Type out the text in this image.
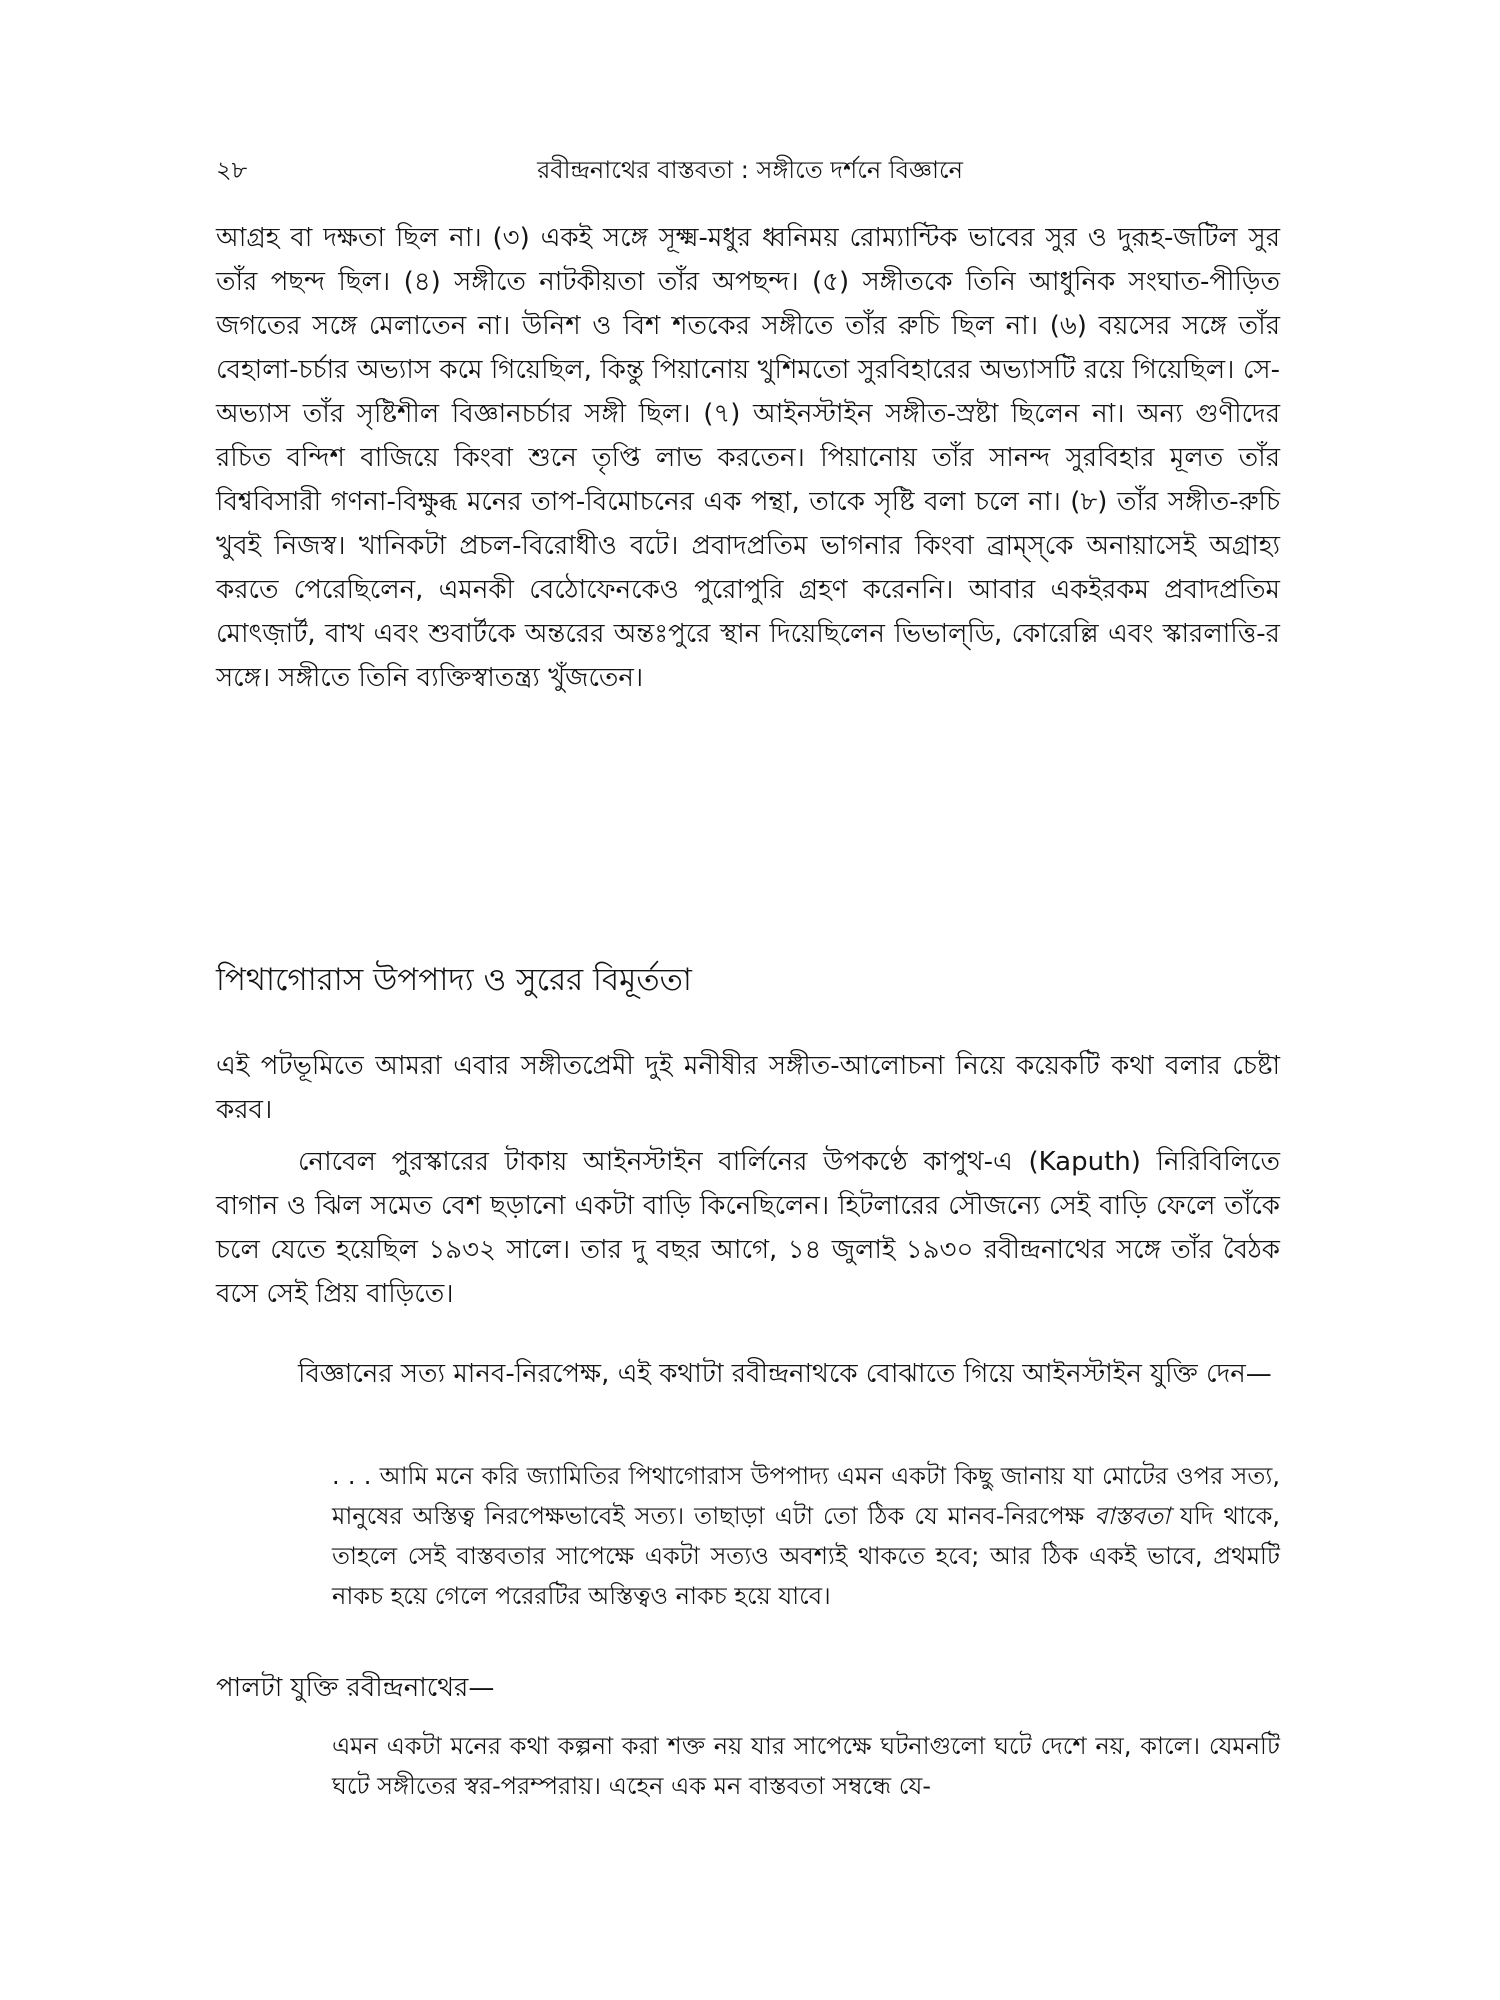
২৮	রবীন্দ্রনাথের বাস্তবতা : সঙ্গীতে দর্শনে বিজ্ঞানে

আগ্রহ বা দক্ষতা ছিল না। (৩) একই সঙ্গে সূক্ষ্ম-মধুর ধ্বনিময় রোম্যান্টিক ভাবের সুর ও দুরূহ-জটিল সুর তাঁর পছন্দ ছিল। (৪) সঙ্গীতে নাটকীয়তা তাঁর অপছন্দ। (৫) সঙ্গীতকে তিনি আধুনিক সংঘাত-পীড়িত জগতের সঙ্গে মেলাতেন না। উনিশ ও বিশ শতকের সঙ্গীতে তাঁর রুচি ছিল না। (৬) বয়সের সঙ্গে তাঁর বেহালা-চর্চার অভ্যাস কমে গিয়েছিল, কিন্তু পিয়ানোয় খুশিমতো সুরবিহারের অভ্যাসটি রয়ে গিয়েছিল। সে-অভ্যাস তাঁর সৃষ্টিশীল বিজ্ঞানচর্চার সঙ্গী ছিল। (৭) আইনস্টাইন সঙ্গীত-স্রষ্টা ছিলেন না। অন্য গুণীদের রচিত বন্দিশ বাজিয়ে কিংবা শুনে তৃপ্তি লাভ করতেন। পিয়ানোয় তাঁর সানন্দ সুরবিহার মূলত তাঁর বিশ্ববিসারী গণনা-বিক্ষুব্ধ মনের তাপ-বিমোচনের এক পন্থা, তাকে সৃষ্টি বলা চলে না। (৮) তাঁর সঙ্গীত-রুচি খুবই নিজস্ব। খানিকটা প্রচল-বিরোধীও বটে। প্রবাদপ্রতিম ভাগনার কিংবা ব্রাম্‌স্‌কে অনায়াসেই অগ্রাহ্য করতে পেরেছিলেন, এমনকী বেঠোফেনকেও পুরোপুরি গ্রহণ করেননি। আবার একইরকম প্রবাদপ্রতিম মোৎজ়ার্ট, বাখ এবং শুবার্টকে অন্তরের অন্তঃপুরে স্থান দিয়েছিলেন ভিভাল্‌ডি, কোরেল্লি এবং স্কারলাত্তি-র সঙ্গে। সঙ্গীতে তিনি ব্যক্তিস্বাতন্ত্র্য খুঁজতেন।

পিথাগোরাস উপপাদ্য ও সুরের বিমূর্ততা

এই পটভূমিতে আমরা এবার সঙ্গীতপ্রেমী দুই মনীষীর সঙ্গীত-আলোচনা নিয়ে কয়েকটি কথা বলার চেষ্টা করব।

নোবেল পুরস্কারের টাকায় আইনস্টাইন বার্লিনের উপকণ্ঠে কাপুথ-এ (Kaputh) নিরিবিলিতে বাগান ও ঝিল সমেত বেশ ছড়ানো একটা বাড়ি কিনেছিলেন। হিটলারের সৌজন্যে সেই বাড়ি ফেলে তাঁকে চলে যেতে হয়েছিল ১৯৩২ সালে। তার দু বছর আগে, ১৪ জুলাই ১৯৩০ রবীন্দ্রনাথের সঙ্গে তাঁর বৈঠক বসে সেই প্রিয় বাড়িতে।

বিজ্ঞানের সত্য মানব-নিরপেক্ষ, এই কথাটা রবীন্দ্রনাথকে বোঝাতে গিয়ে আইনস্টাইন যুক্তি দেন—

. . . আমি মনে করি জ্যামিতির পিথাগোরাস উপপাদ্য এমন একটা কিছু জানায় যা মোটের ওপর সত্য, মানুষের অস্তিত্ব নিরপেক্ষভাবেই সত্য। তাছাড়া এটা তো ঠিক যে মানব-নিরপেক্ষ বাস্তবতা যদি থাকে, তাহলে সেই বাস্তবতার সাপেক্ষে একটা সত্যও অবশ্যই থাকতে হবে; আর ঠিক একই ভাবে, প্রথমটি নাকচ হয়ে গেলে পরেরটির অস্তিত্বও নাকচ হয়ে যাবে।

পালটা যুক্তি রবীন্দ্রনাথের—

এমন একটা মনের কথা কল্পনা করা শক্ত নয় যার সাপেক্ষে ঘটনাগুলো ঘটে দেশে নয়, কালে। যেমনটি ঘটে সঙ্গীতের স্বর-পরম্পরায়। এহেন এক মন বাস্তবতা সম্বন্ধে যে-
